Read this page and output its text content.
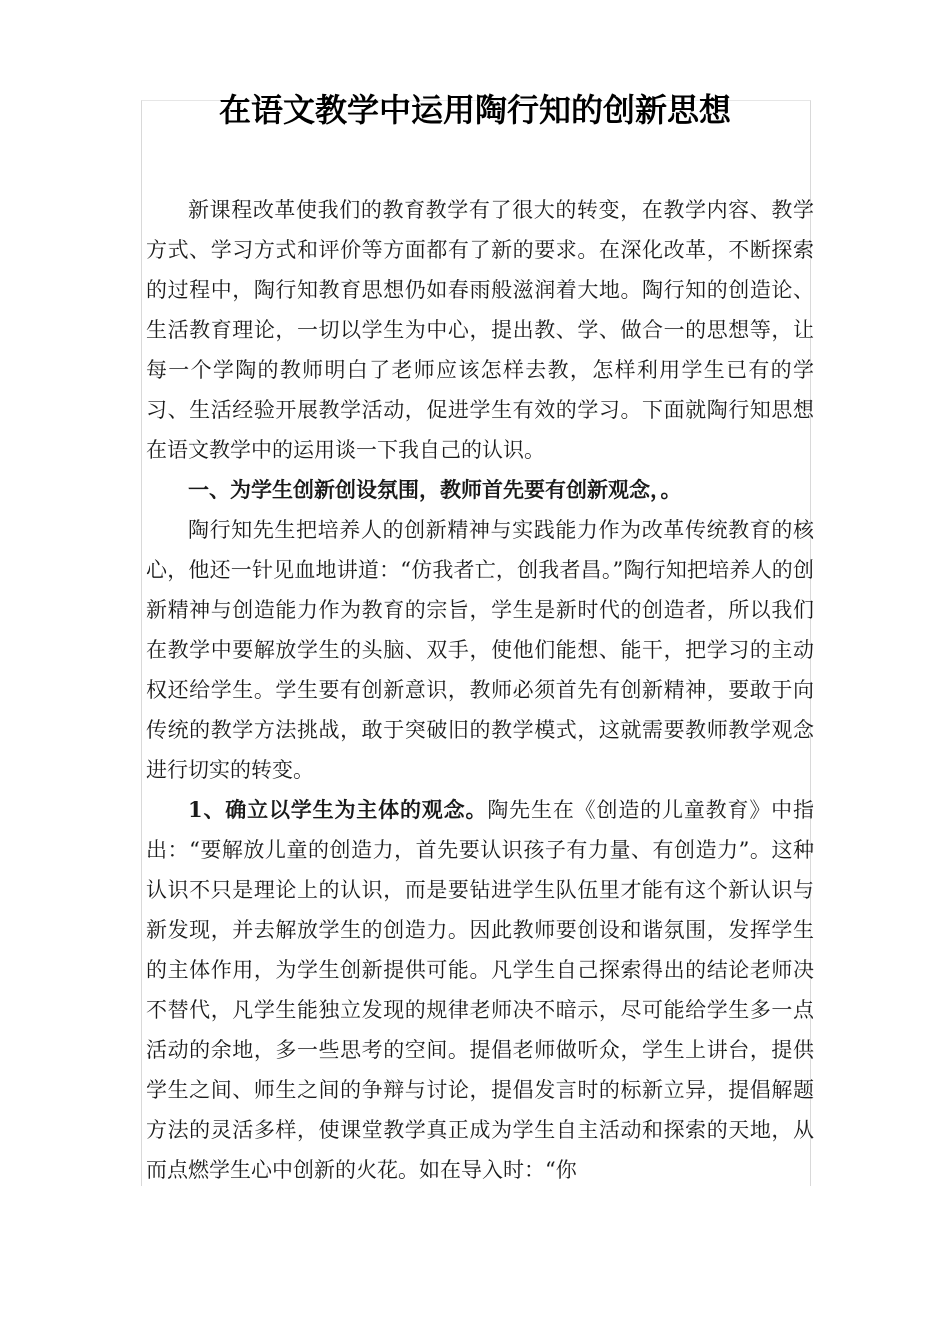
在语文教学中运用陶行知的创新思想

新课程改革使我们的教育教学有了很大的转变，在教学内容、教学方式、学习方式和评价等方面都有了新的要求。在深化改革，不断探索的过程中，陶行知教育思想仍如春雨般滋润着大地。陶行知的创造论、生活教育理论，一切以学生为中心，提出教、学、做合一的思想等，让每一个学陶的教师明白了老师应该怎样去教，怎样利用学生已有的学习、生活经验开展教学活动，促进学生有效的学习。下面就陶行知思想在语文教学中的运用谈一下我自己的认识。

一、为学生创新创设氛围，教师首先要有创新观念，。

陶行知先生把培养人的创新精神与实践能力作为改革传统教育的核心，他还一针见血地讲道：“仿我者亡，创我者昌。”陶行知把培养人的创新精神与创造能力作为教育的宗旨，学生是新时代的创造者，所以我们在教学中要解放学生的头脑、双手，使他们能想、能干，把学习的主动权还给学生。学生要有创新意识，教师必须首先有创新精神，要敢于向传统的教学方法挑战，敢于突破旧的教学模式，这就需要教师教学观念进行切实的转变。

1、确立以学生为主体的观念。陶先生在《创造的儿童教育》中指出：“要解放儿童的创造力，首先要认识孩子有力量、有创造力”。这种认识不只是理论上的认识，而是要钻进学生队伍里才能有这个新认识与新发现，并去解放学生的创造力。因此教师要创设和谐氛围，发挥学生的主体作用，为学生创新提供可能。凡学生自己探索得出的结论老师决不替代，凡学生能独立发现的规律老师决不暗示，尽可能给学生多一点活动的余地，多一些思考的空间。提倡老师做听众，学生上讲台，提供学生之间、师生之间的争辩与讨论，提倡发言时的标新立异，提倡解题方法的灵活多样，使课堂教学真正成为学生自主活动和探索的天地，从而点燃学生心中创新的火花。如在导入时：“你
